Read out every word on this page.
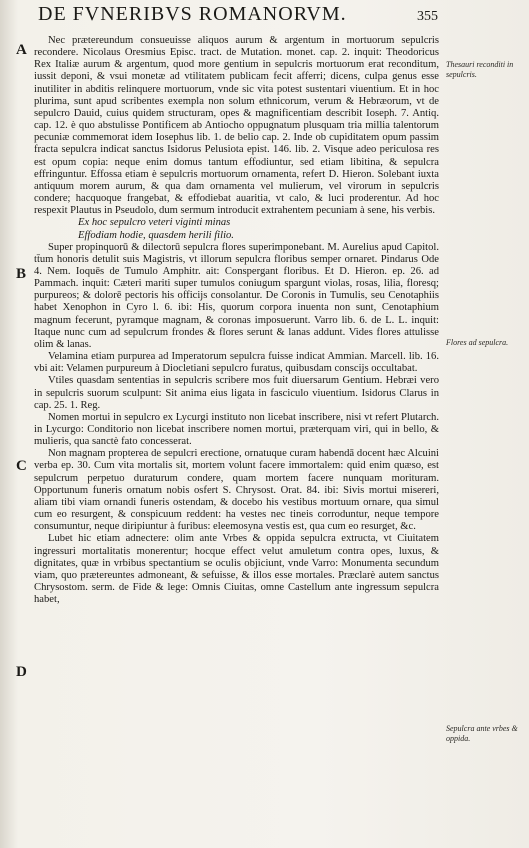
DE FVNERIBVS ROMANORVM.	355
A
B
C
D
Thesauri reconditi in sepulcris.
Flores ad sepulcra.
Sepulcra ante vrbes & oppida.

Nec prætereundum consueuisse aliquos aurum & argentum in mortuorum sepulcris recondere. Nicolaus Oresmius Episc. tract. de Mutation. monet. cap. 2. inquit: Theodoricus Rex Italiæ aurum & argentum, quod more gentium in sepulcris mortuorum erat reconditum, iussit deponi, & vsui monetæ ad vtilitatem publicam fecit afferri; dicens, culpa genus esse inutiliter in abditis relinquere mortuorum, vnde sic vita potest sustentari viuentium. Et in hoc plurima, sunt apud scribentes exempla non solum ethnicorum, verum & Hebræorum, vt de sepulcro Dauid, cuius quidem structuram, opes & magnificentiam describit Ioseph. 7. Antiq. cap. 12. è quo abstulisse Pontificem ab Antiocho oppugnatum plusquam tria millia talentorum pecuniæ commemorat idem Iosephus lib. 1. de belio cap. 2. Inde ob cupiditatem opum passim fracta sepulcra indicat sanctus Isidorus Pelusiota epist. 146. lib. 2. Visque adeo periculosa res est opum copia: neque enim domus tantum effodiuntur, sed etiam libitina, & sepulcra effringuntur. Effossa etiam è sepulcris mortuorum ornamenta, refert D. Hieron. Solebant iuxta antiquum morem aurum, & qua dam ornamenta vel mulierum, vel virorum in sepulcris condere; hacquoque frangebat, & effodiebat auaritia, vt calo, & luci proderentur. Ad hoc respexit Plautus in Pseudolo, dum sermum introducit extrahentem pecuniam à sene, his verbis.

Ex hoc sepulcro veteri viginti minas

Effodiam hodie, quasdem herili filio.

Super propinquorū & dilectorū sepulcra flores superimponebant. M. Aurelius apud Capitol. tt̄um honoris detulit suis Magistris, vt illorum sepulcra floribus semper ornaret. Pindarus Ode 4. Nem. Ioquēs de Tumulo Amphitr. ait: Conspergant floribus. Et D. Hieron. ep. 26. ad Pammach. inquit: Cæteri mariti super tumulos coniugum spargunt violas, rosas, lilia, floresq; purpureos; & dolorē pectoris his officijs consolantur. De Coronis in Tumulis, seu Cenotaphiis habet Xenophon in Cyro l. 6. ibi: His, quorum corpora inuenta non sunt, Cenotaphium magnum fecerunt, pyramque magnam, & coronas imposuerunt. Varro lib. 6. de L. L. inquit: Itaque nunc cum ad sepulcrum frondes & flores serunt & lanas addunt. Vides flores attulisse olim & lanas.

Velamina etiam purpurea ad Imperatorum sepulcra fuisse indicat Ammian. Marcell. lib. 16. vbi ait: Velamen purpureum à Diocletiani sepulcro furatus, quibusdam conscijs occultabat.

Vtiles quasdam sententias in sepulcris scribere mos fuit diuersarum Gentium. Hebræi vero in sepulcris suorum sculpunt: Sit anima eius ligata in fasciculo viuentium. Isidorus Clarus in cap. 25. 1. Reg.

Nomen mortui in sepulcro ex Lycurgi instituto non licebat inscribere, nisi vt refert Plutarch. in Lycurgo: Conditorio non licebat inscribere nomen mortui, præterquam viri, qui in bello, & mulieris, qua sanctè fato concesserat.

Non magnam propterea de sepulcri erectione, ornatuque curam habendā docent hæc Alcuini verba ep. 30. Cum vita mortalis sit, mortem volunt facere immortalem: quid enim quæso, est sepulcrum perpetuo duraturum condere, quam mortem facere nunquam morituram. Opportunum funeris ornatum nobis osfert S. Chrysost. Orat. 84. ibi: Sivis mortui misereri, aliam tibi viam ornandi funeris ostendam, & docebo his vestibus mortuum ornare, qua simul cum eo resurgent, & conspicuum reddent: ha vestes nec tineis corroduntur, neque tempore consumuntur, neque diripiuntur à furibus: eleemosyna vestis est, qua cum eo resurget, &c.

Lubet hic etiam adnectere: olim ante Vrbes & oppida sepulcra extructa, vt Ciuitatem ingressuri mortalitatis monerentur; hocque effect velut amuletum contra opes, luxus, & dignitates, quæ in vrbibus spectantium se oculis objiciunt, vnde Varro: Monumenta secundum viam, quo prætereuntes admoneant, & sefuisse, & illos esse mortales. Præclarè autem sanctus Chrysostom. serm. de Fide & lege: Omnis Ciuitas, omne Castellum ante ingressum sepulcra habet,
